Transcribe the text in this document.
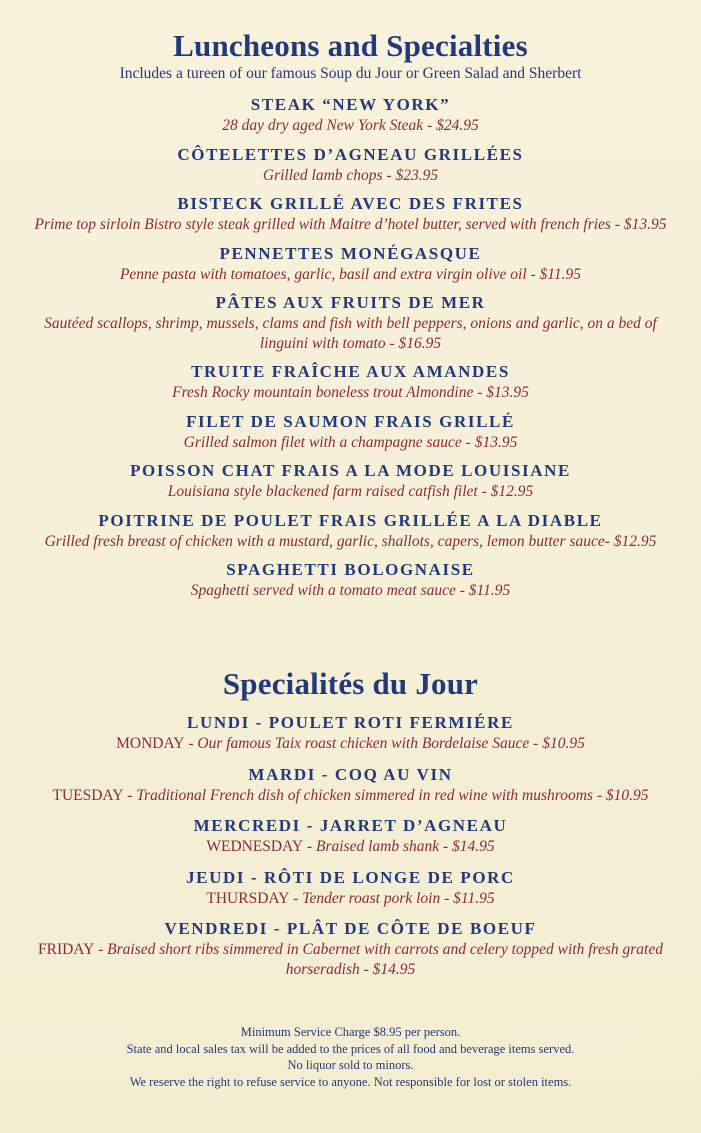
Luncheons and Specialties
Includes a tureen of our famous Soup du Jour or Green Salad and Sherbert
STEAK “NEW YORK”
28 day dry aged New York Steak - $24.95
CÔTELETTES D’AGNEAU GRILLÉES
Grilled lamb chops - $23.95
BISTECK GRILLÉ AVEC DES FRITES
Prime top sirloin Bistro style steak grilled with Maitre d’hotel butter, served with french fries - $13.95
PENNETTES MONÉGASQUE
Penne pasta with tomatoes, garlic, basil and extra virgin olive oil - $11.95
PÂTES AUX FRUITS DE MER
Sautéed scallops, shrimp, mussels, clams and fish with bell peppers, onions and garlic, on a bed of linguini with tomato - $16.95
TRUITE FRAÎCHE AUX AMANDES
Fresh Rocky mountain boneless trout Almondine - $13.95
FILET DE SAUMON FRAIS GRILLÉ
Grilled salmon filet with a champagne sauce - $13.95
POISSON CHAT FRAIS A LA MODE LOUISIANE
Louisiana style blackened farm raised catfish filet - $12.95
POITRINE DE POULET FRAIS GRILLÉE A LA DIABLE
Grilled fresh breast of chicken with a mustard, garlic, shallots, capers, lemon butter sauce- $12.95
SPAGHETTI BOLOGNAISE
Spaghetti served with a tomato meat sauce - $11.95
Specialités du Jour
LUNDI - POULET ROTI FERMIÉRE
MONDAY - Our famous Taix roast chicken with Bordelaise Sauce - $10.95
MARDI - COQ AU VIN
TUESDAY - Traditional French dish of chicken simmered in red wine with mushrooms - $10.95
MERCREDI - JARRET D’AGNEAU
WEDNESDAY - Braised lamb shank - $14.95
JEUDI - RÔTI DE LONGE DE PORC
THURSDAY - Tender roast pork loin - $11.95
VENDREDI - PLÂT DE CÔTE DE BOEUF
FRIDAY - Braised short ribs simmered in Cabernet with carrots and celery topped with fresh grated horseradish - $14.95
Minimum Service Charge $8.95 per person.
State and local sales tax will be added to the prices of all food and beverage items served.
No liquor sold to minors.
We reserve the right to refuse service to anyone. Not responsible for lost or stolen items.
